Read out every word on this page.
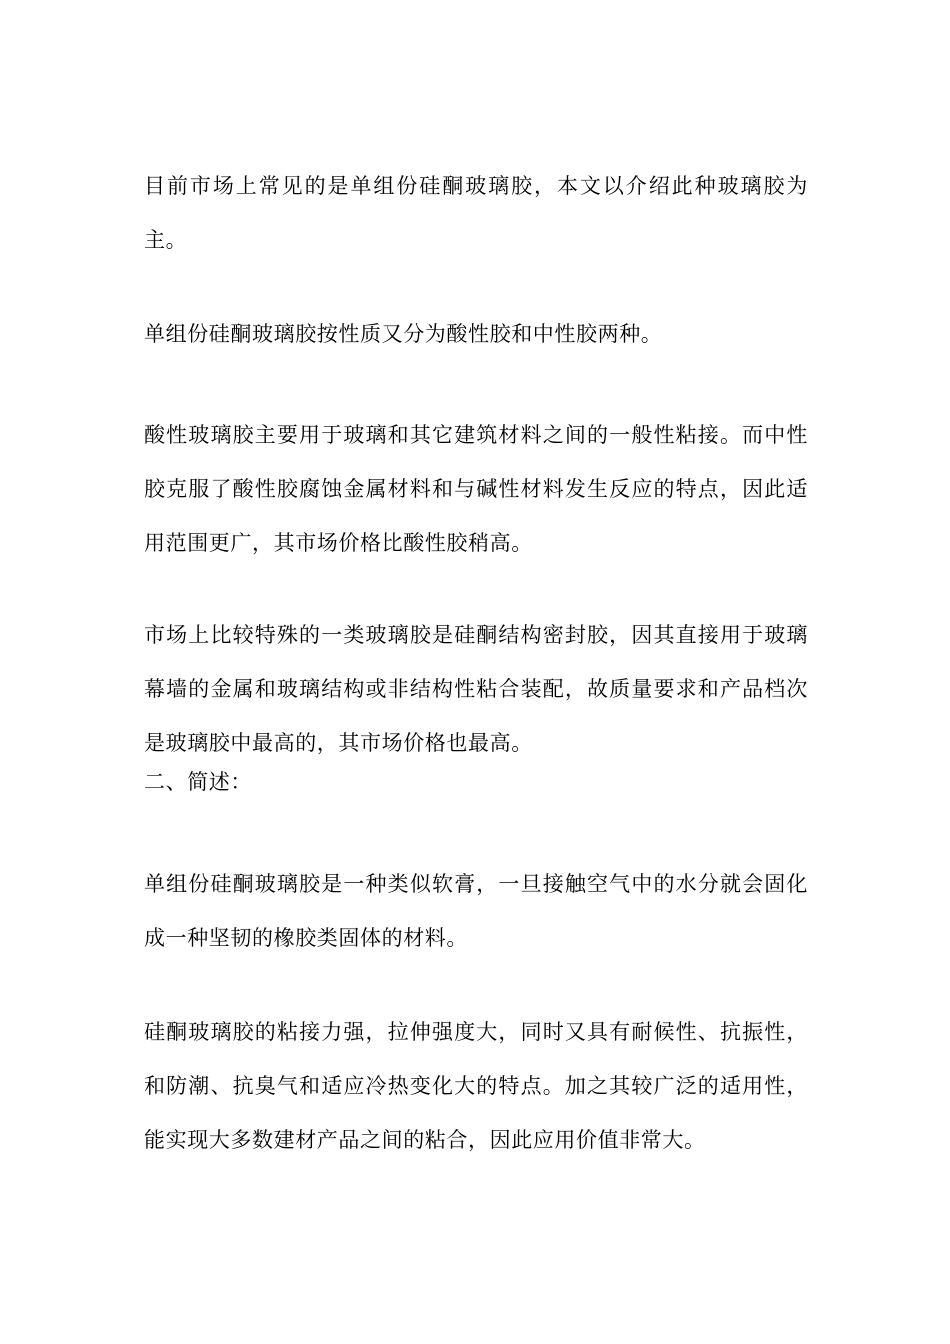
目前市场上常见的是单组份硅酮玻璃胶，本文以介绍此种玻璃胶为主。

单组份硅酮玻璃胶按性质又分为酸性胶和中性胶两种。

酸性玻璃胶主要用于玻璃和其它建筑材料之间的一般性粘接。而中性胶克服了酸性胶腐蚀金属材料和与碱性材料发生反应的特点，因此适用范围更广，其市场价格比酸性胶稍高。

市场上比较特殊的一类玻璃胶是硅酮结构密封胶，因其直接用于玻璃幕墙的金属和玻璃结构或非结构性粘合装配，故质量要求和产品档次是玻璃胶中最高的，其市场价格也最高。

二、简述：

单组份硅酮玻璃胶是一种类似软膏，一旦接触空气中的水分就会固化成一种坚韧的橡胶类固体的材料。

硅酮玻璃胶的粘接力强，拉伸强度大，同时又具有耐候性、抗振性，和防潮、抗臭气和适应冷热变化大的特点。加之其较广泛的适用性，能实现大多数建材产品之间的粘合，因此应用价值非常大。
